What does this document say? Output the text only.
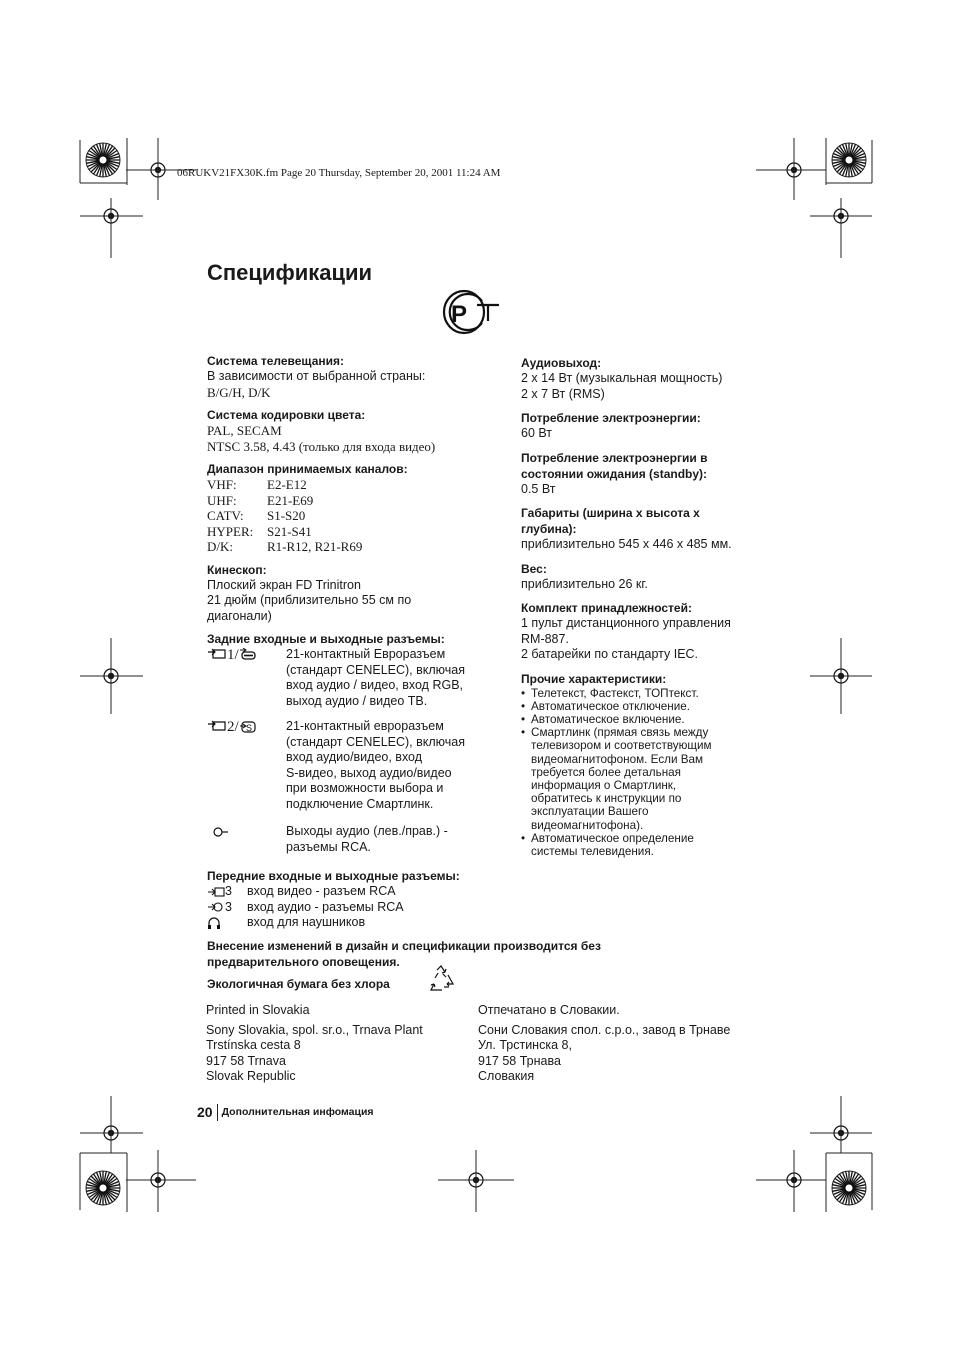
06RUKV21FX30K.fm Page 20 Thursday, September 20, 2001 11:24 AM
Спецификации
P
Система телевещания:
В зависимости от выбранной страны:
B/G/H, D/K
Система кодировки цвета:
PAL, SECAM
NTSC 3.58, 4.43 (только для входа видео)
Диапазон принимаемых каналов:
VHF: E2-E12
UHF: E21-E69
CATV: S1-S20
HYPER: S21-S41
D/K:	R1-R12, R21-R69
Кинескоп:
Плоский экран FD Trinitron
21 дюйм (приблизительно 55 см по
диагонали)
Задние входные и выходные разъемы:
1/	21-контактный Евроразъем
(стандарт CENELEC), включая
вход аудио / видео, вход RGB,
выход аудио / видео ТВ.
2/ S	21-контактный евроразъем
(стандарт CENELEC), включая
вход аудио/видео, вход
S-видео, выход аудио/видео
при возможности выбора и
подключение Смартлинк.
Выходы аудио (лев./прав.) -
разъемы RCA.
Передние входные и выходные разъемы:
3 вход видео - разъем RCA
3 вход аудио - разъемы RCA
вход для наушников
Аудиовыход:
2 x 14 Вт (музыкальная мощность)
2 x 7 Вт (RMS)
Потребление электроэнергии:
60 Вт
Потребление электроэнергии в состоянии ожидания (standby):
0.5 Вт
Габариты (ширина x высота x глубина):
приблизительно 545 x 446 x 485 мм.
Вес:
приблизительно 26 кг.
Комплект принадлежностей:
1 пульт дистанционного управления
RM-887.
2 батарейки по стандарту IEC.
Прочие характеристики:
• Телетекст, Фастекст, ТОПтекст.
• Автоматическое отключение.
• Автоматическое включение.
• Смартлинк (прямая связь между телевизором и соответствующим видеомагнитофоном. Если Вам требуется более детальная информация о Смартлинк, обратитесь к инструкции по эксплуатации Вашего видеомагнитофона).
• Автоматическое определение системы телевидения.
Внесение изменений в дизайн и спецификации производится без предварительного оповещения.
Экологичная бумага без хлора
Printed in Slovakia
Sony Slovakia, spol. sr.o., Trnava Plant
Trstínska cesta 8
917 58 Trnava
Slovak Republic
Отпечатано в Словакии.
Сони Словакия спол. с.р.о., завод в Трнаве
Ул. Трстинска 8,
917 58 Трнава
Словакия
20 Дополнительная инфомация
